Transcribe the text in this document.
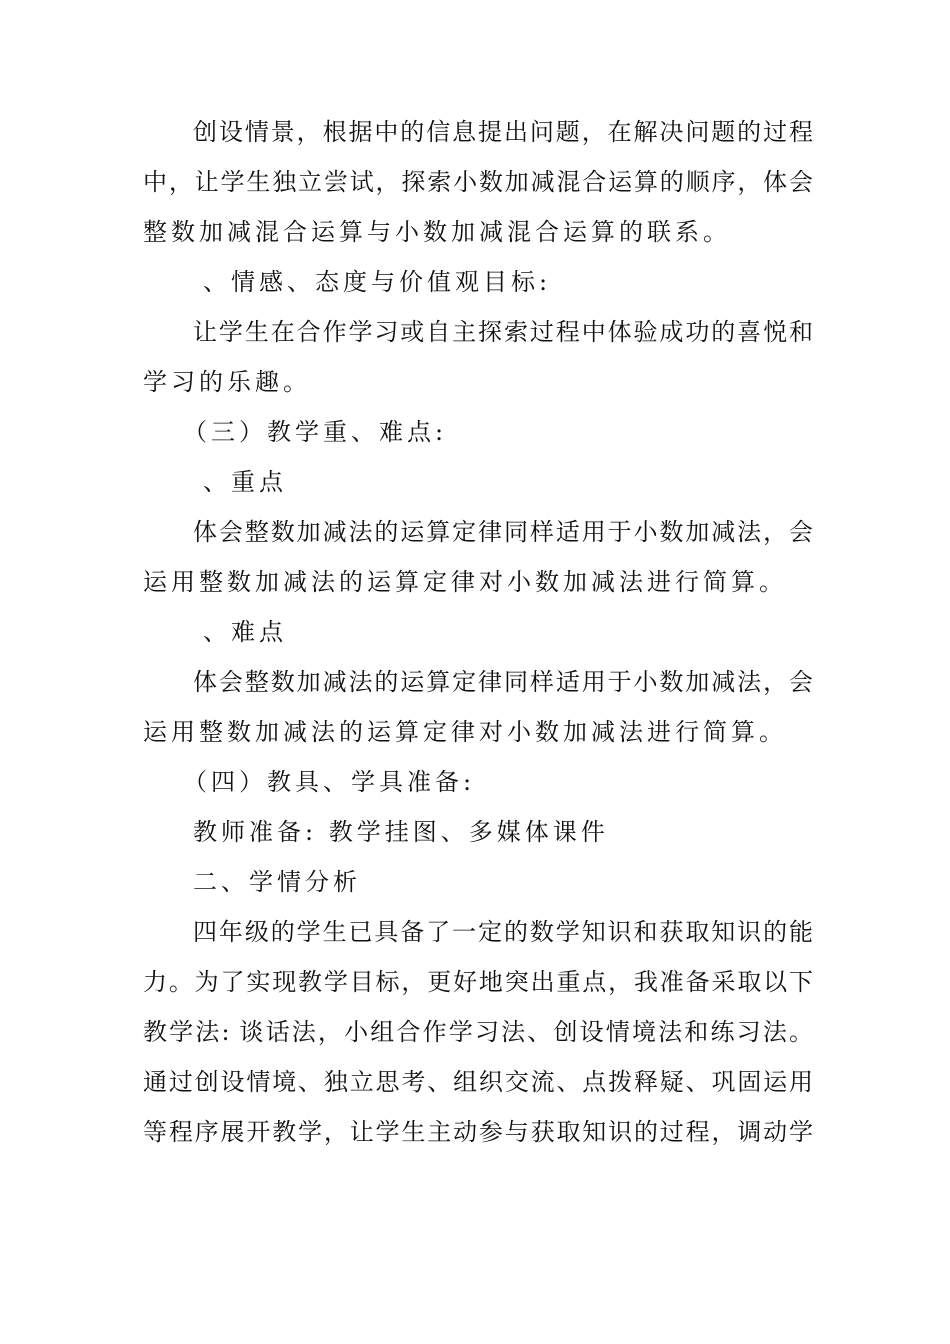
创设情景，根据中的信息提出问题，在解决问题的过程
中，让学生独立尝试，探索小数加减混合运算的顺序，体会
整数加减混合运算与小数加减混合运算的联系。
、情感、态度与价值观目标:
让学生在合作学习或自主探索过程中体验成功的喜悦和
学习的乐趣。
（三）教学重、难点:
、重点
体会整数加减法的运算定律同样适用于小数加减法，会
运用整数加减法的运算定律对小数加减法进行简算。
、难点
体会整数加减法的运算定律同样适用于小数加减法，会
运用整数加减法的运算定律对小数加减法进行简算。
（四）教具、学具准备:
教师准备: 教学挂图、多媒体课件
二、学情分析
四年级的学生已具备了一定的数学知识和获取知识的能
力。为了实现教学目标，更好地突出重点，我准备采取以下
教学法: 谈话法，小组合作学习法、创设情境法和练习法。
通过创设情境、独立思考、组织交流、点拨释疑、巩固运用
等程序展开教学，让学生主动参与获取知识的过程，调动学
